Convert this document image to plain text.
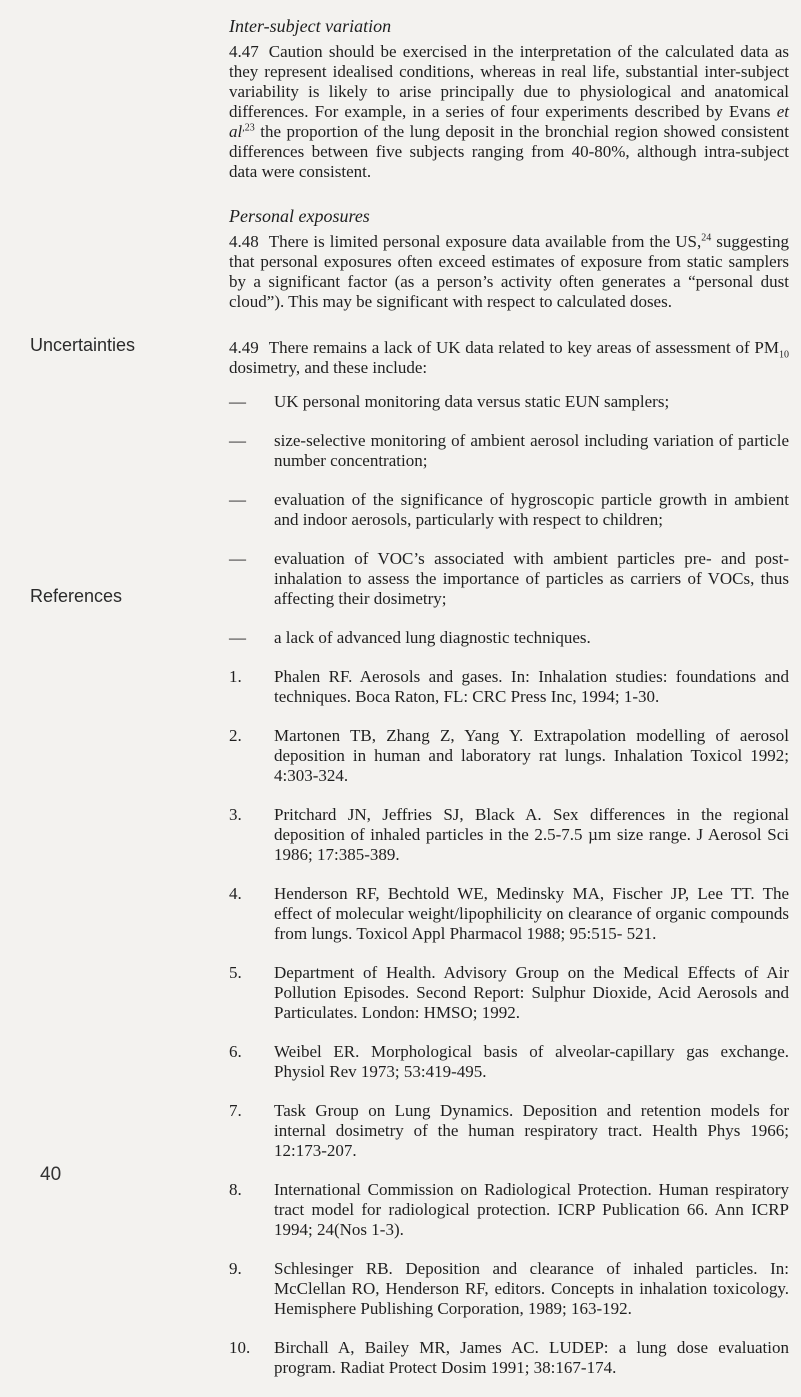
Uncertainties
References
40
Inter-subject variation

4.47 Caution should be exercised in the interpretation of the calculated data as they represent idealised conditions, whereas in real life, substantial inter-subject variability is likely to arise principally due to physiological and anatomical differences. For example, in a series of four experiments described by Evans et $al^{,23}$ the proportion of the lung deposit in the bronchial region showed consistent differences between five subjects ranging from 40-80%, although intra-subject data were consistent.

Personal exposures

4.48 There is limited personal exposure data available from the US,$^{24}$ suggesting that personal exposures often exceed estimates of exposure from static samplers by a significant factor (as a person’s activity often generates a “personal dust cloud”). This may be significant with respect to calculated doses.

4.49 There remains a lack of UK data related to key areas of assessment of $PM_{10}$ dosimetry, and these include:

— UK personal monitoring data versus static EUN samplers;
— size-selective monitoring of ambient aerosol including variation of particle number concentration;
— evaluation of the significance of hygroscopic particle growth in ambient and indoor aerosols, particularly with respect to children;
— evaluation of VOC’s associated with ambient particles pre- and post-inhalation to assess the importance of particles as carriers of VOCs, thus affecting their dosimetry;
— a lack of advanced lung diagnostic techniques.
1. Phalen RF. Aerosols and gases. In: Inhalation studies: foundations and techniques. Boca Raton, FL: CRC Press Inc, 1994; 1-30.
2. Martonen TB, Zhang Z, Yang Y. Extrapolation modelling of aerosol deposition in human and laboratory rat lungs. Inhalation Toxicol 1992; 4:303-324.
3. Pritchard JN, Jeffries SJ, Black A. Sex differences in the regional deposition of inhaled particles in the 2.5-7.5 µm size range. J Aerosol Sci 1986; 17:385-389.
4. Henderson RF, Bechtold WE, Medinsky MA, Fischer JP, Lee TT. The effect of molecular weight/lipophilicity on clearance of organic compounds from lungs. Toxicol Appl Pharmacol 1988; 95:515- 521.
5. Department of Health. Advisory Group on the Medical Effects of Air Pollution Episodes. Second Report: Sulphur Dioxide, Acid Aerosols and Particulates. London: HMSO; 1992.
6. Weibel ER. Morphological basis of alveolar-capillary gas exchange. Physiol Rev 1973; 53:419-495.
7. Task Group on Lung Dynamics. Deposition and retention models for internal dosimetry of the human respiratory tract. Health Phys 1966; 12:173-207.
8. International Commission on Radiological Protection. Human respiratory tract model for radiological protection. ICRP Publication 66. Ann ICRP 1994; 24(Nos 1-3).
9. Schlesinger RB. Deposition and clearance of inhaled particles. In: McClellan RO, Henderson RF, editors. Concepts in inhalation toxicology. Hemisphere Publishing Corporation, 1989; 163-192.
10. Birchall A, Bailey MR, James AC. LUDEP: a lung dose evaluation program. Radiat Protect Dosim 1991; 38:167-174.
